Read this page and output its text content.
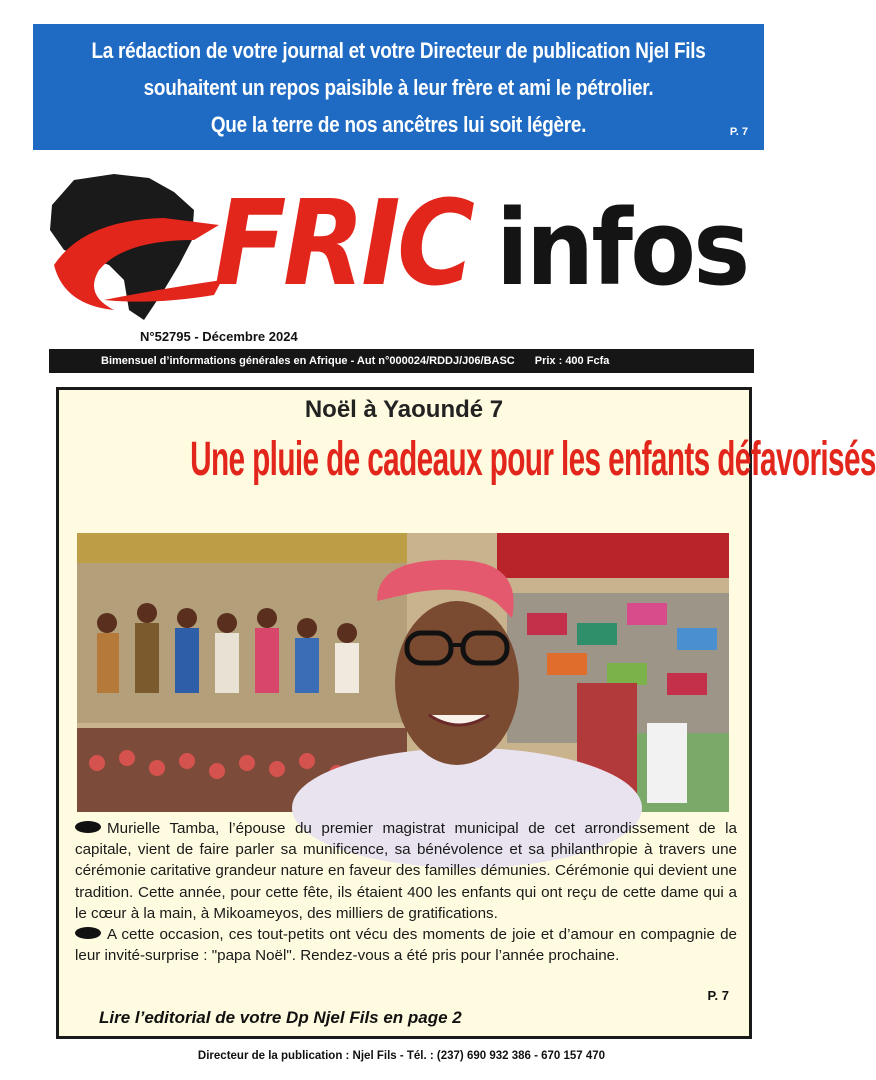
La rédaction de votre journal et votre Directeur de publication Njel Fils
souhaitent un repos paisible à leur frère et ami le pétrolier.
Que la terre de nos ancêtres lui soit légère.	P. 7
FRIC infos
N°52795 - Décembre 2024
Bimensuel d’informations générales en Afrique - Aut n°000024/RDDJ/J06/BASC Prix : 400 Fcfa
Noël à Yaoundé 7
Une pluie de cadeaux pour les enfants défavorisés

Murielle Tamba, l’épouse du premier magistrat municipal de cet arrondissement de la capitale, vient de faire parler sa munificence, sa bénévolence et sa philanthropie à travers une cérémonie caritative grandeur nature en faveur des familles démunies. Cérémonie qui devient une tradition. Cette année, pour cette fête, ils étaient 400 les enfants qui ont reçu de cette dame qui a le cœur à la main, à Mikoameyos, des milliers de gratifications.

A cette occasion, ces tout-petits ont vécu des moments de joie et d’amour en compagnie de leur invité-surprise : "papa Noël". Rendez-vous a été pris pour l’année prochaine.

P. 7
Lire l’editorial de votre Dp Njel Fils en page 2
Directeur de la publication : Njel Fils - Tél. : (237) 690 932 386 - 670 157 470
